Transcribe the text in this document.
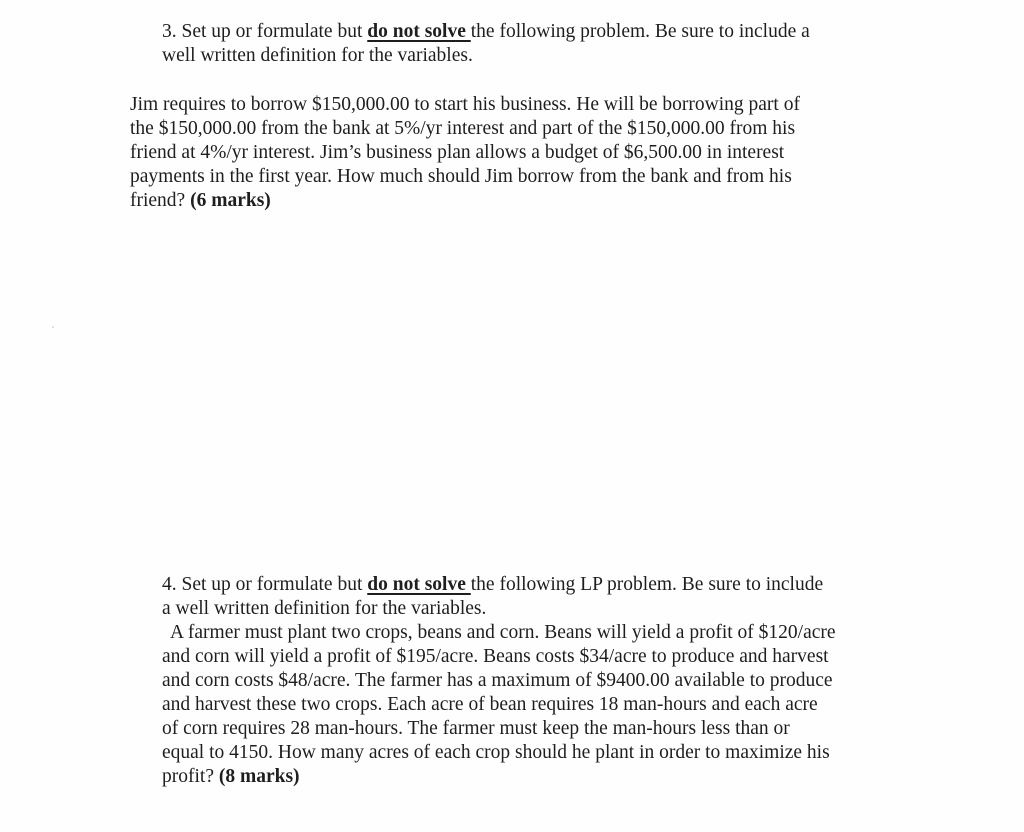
3. Set up or formulate but do not solve the following problem. Be sure to include a
well written definition for the variables.
Jim requires to borrow $150,000.00 to start his business. He will be borrowing part of
the $150,000.00 from the bank at 5%/yr interest and part of the $150,000.00 from his
friend at 4%/yr interest. Jim’s business plan allows a budget of $6,500.00 in interest
payments in the first year. How much should Jim borrow from the bank and from his
friend? (6 marks)
4. Set up or formulate but do not solve the following LP problem. Be sure to include
a well written definition for the variables.
A farmer must plant two crops, beans and corn. Beans will yield a profit of $120/acre
and corn will yield a profit of $195/acre. Beans costs $34/acre to produce and harvest
and corn costs $48/acre. The farmer has a maximum of $9400.00 available to produce
and harvest these two crops. Each acre of bean requires 18 man-hours and each acre
of corn requires 28 man-hours. The farmer must keep the man-hours less than or
equal to 4150. How many acres of each crop should he plant in order to maximize his
profit? (8 marks)
